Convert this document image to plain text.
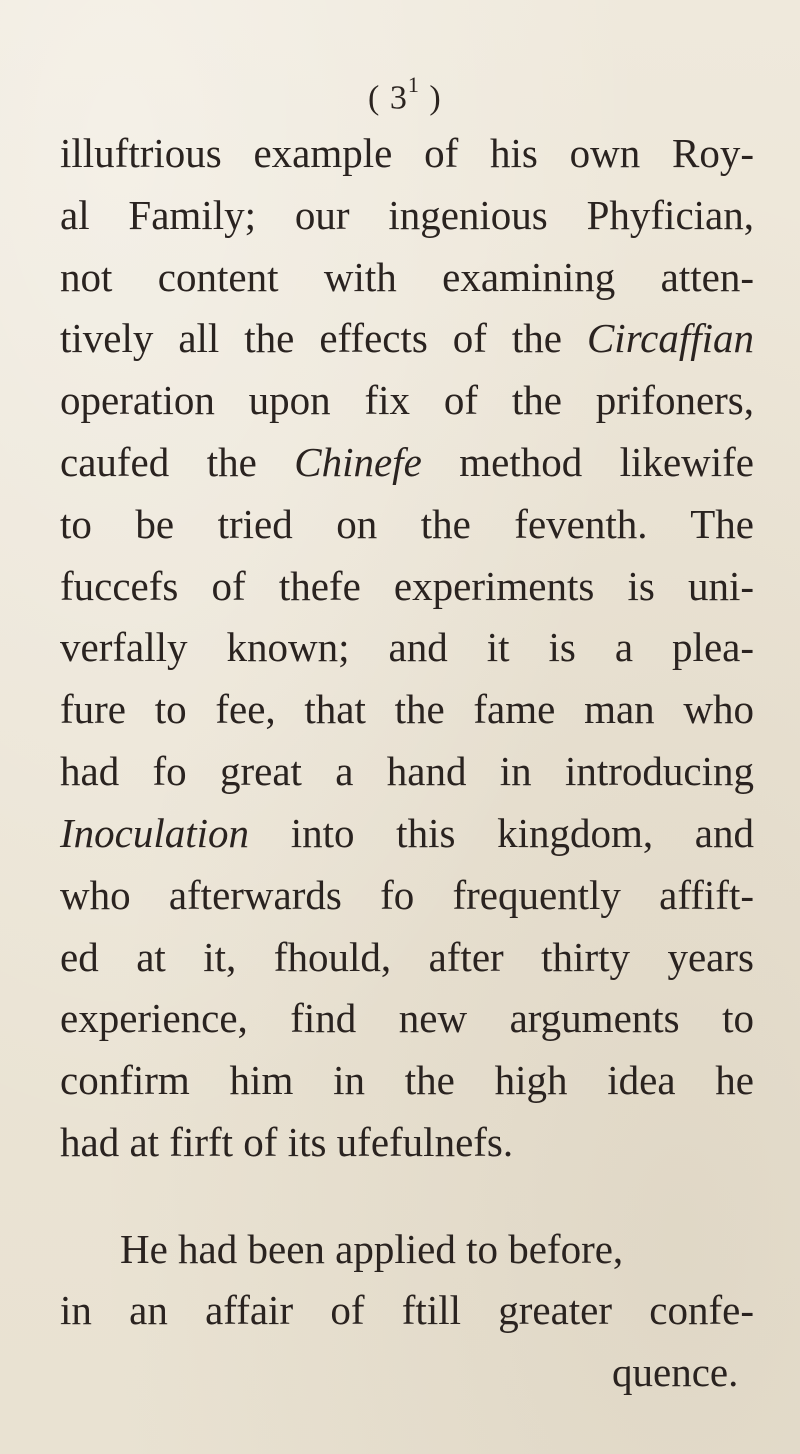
( $3^1$ )
illuftrious example of his own Roy-
al Family; our ingenious Phyfician,
not content with examining atten-
tively all the effects of the Circaffian
operation upon fix of the prifoners,
caufed the Chinefe method likewife
to be tried on the feventh. The
fuccefs of thefe experiments is uni-
verfally known; and it is a plea-
fure to fee, that the fame man who
had fo great a hand in introducing
Inoculation into this kingdom, and
who afterwards fo frequently affift-
ed at it, fhould, after thirty years
experience, find new arguments to
confirm him in the high idea he
had at firft of its ufefulnefs.
He had been applied to before,
in an affair of ftill greater confe-
quence.
